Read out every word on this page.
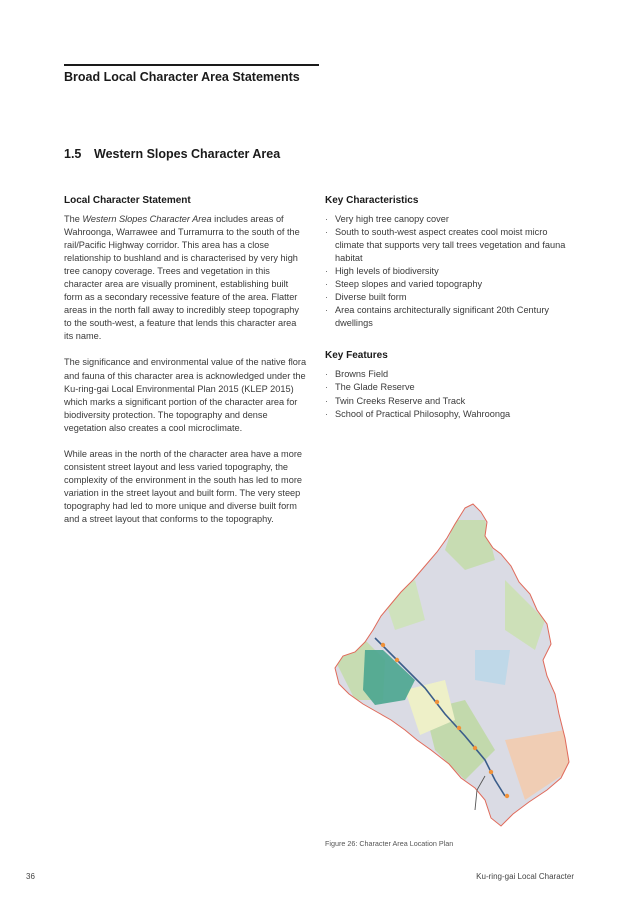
Broad Local Character Area Statements
1.5 Western Slopes Character Area
Local Character Statement

The Western Slopes Character Area includes areas of Wahroonga, Warrawee and Turramurra to the south of the rail/Pacific Highway corridor. This area has a close relationship to bushland and is characterised by very high tree canopy coverage. Trees and vegetation in this character area are visually prominent, establishing built form as a secondary recessive feature of the area. Flatter areas in the north fall away to incredibly steep topography to the south-west, a feature that lends this character area its name.

The significance and environmental value of the native flora and fauna of this character area is acknowledged under the Ku-ring-gai Local Environmental Plan 2015 (KLEP 2015) which marks a significant portion of the character area for biodiversity protection. The topography and dense vegetation also creates a cool microclimate.

While areas in the north of the character area have a more consistent street layout and less varied topography, the complexity of the environment in the south has led to more variation in the street layout and built form. The very steep topography had led to more unique and diverse built form and a street layout that conforms to the topography.

Key Characteristics
· Very high tree canopy cover
· South to south-west aspect creates cool moist micro climate that supports very tall trees vegetation and fauna habitat
· High levels of biodiversity
· Steep slopes and varied topography
· Diverse built form
· Area contains architecturally significant 20th Century dwellings
Key Features
· Browns Field
· The Glade Reserve
· Twin Creeks Reserve and Track
· School of Practical Philosophy, Wahroonga
Figure 26: Character Area Location Plan
36	Ku-ring-gai Local Character
